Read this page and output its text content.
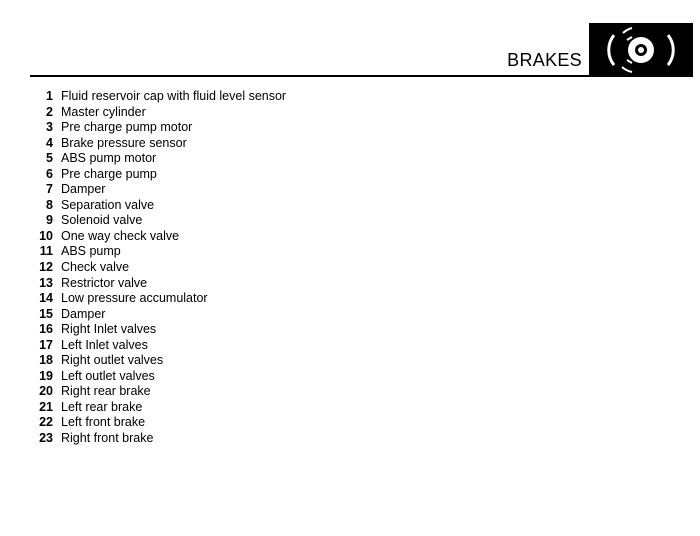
BRAKES
1 Fluid reservoir cap with fluid level sensor
2 Master cylinder
3 Pre charge pump motor
4 Brake pressure sensor
5 ABS pump motor
6 Pre charge pump
7 Damper
8 Separation valve
9 Solenoid valve
10 One way check valve
11 ABS pump
12 Check valve
13 Restrictor valve
14 Low pressure accumulator
15 Damper
16 Right Inlet valves
17 Left Inlet valves
18 Right outlet valves
19 Left outlet valves
20 Right rear brake
21 Left rear brake
22 Left front brake
23 Right front brake
